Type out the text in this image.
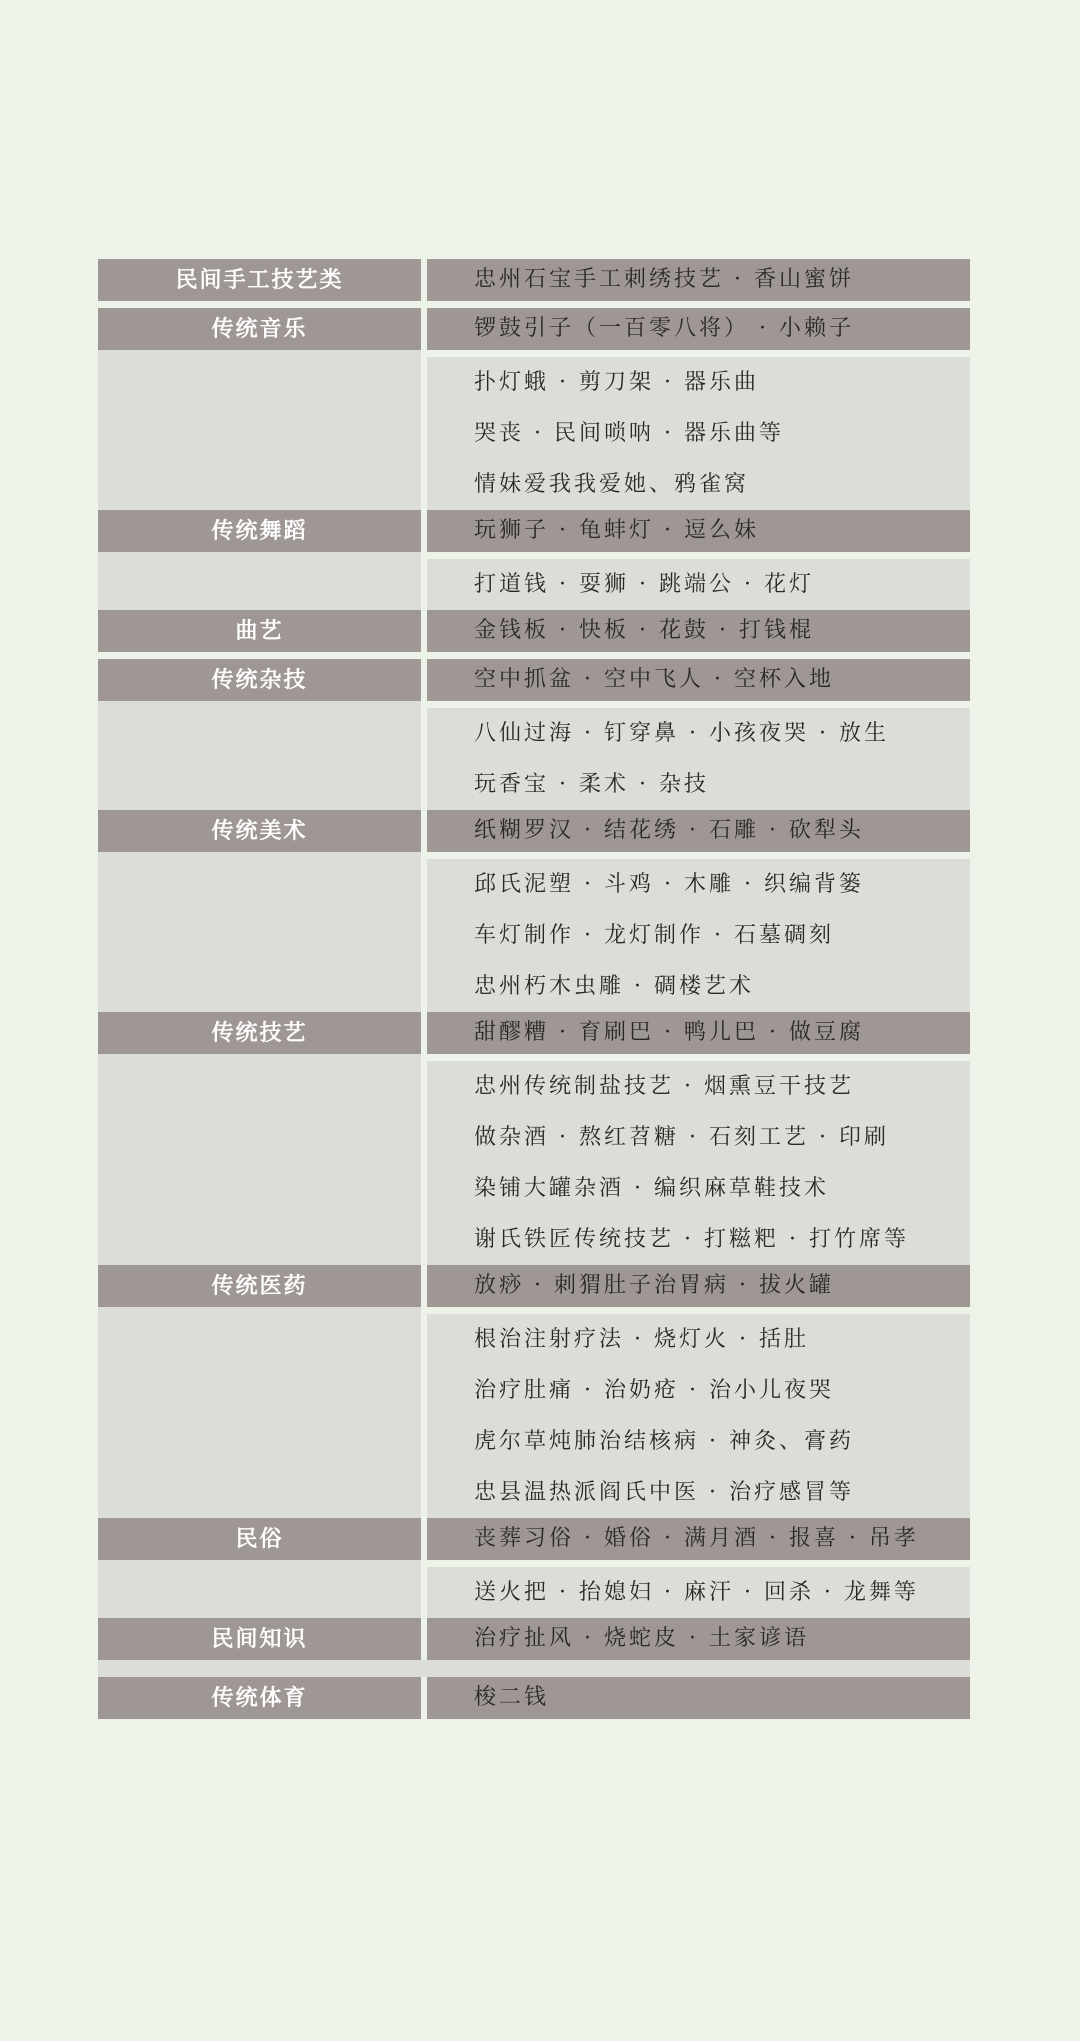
民间手工技艺类	忠州石宝手工刺绣技艺 · 香山蜜饼
传统音乐	锣鼓引子（一百零八将） · 小赖子
扑灯蛾 · 剪刀架 · 器乐曲
哭丧 · 民间唢呐 · 器乐曲等
情妹爱我我爱她、鸦雀窝
传统舞蹈	玩狮子 · 龟蚌灯 · 逗么妹
打道钱 · 耍狮 · 跳端公 · 花灯
曲艺	金钱板 · 快板 · 花鼓 · 打钱棍
传统杂技	空中抓盆 · 空中飞人 · 空杯入地
八仙过海 · 钉穿鼻 · 小孩夜哭 · 放生
玩香宝 · 柔术 · 杂技
传统美术	纸糊罗汉 · 结花绣 · 石雕 · 砍犁头
邱氏泥塑 · 斗鸡 · 木雕 · 织编背篓
车灯制作 · 龙灯制作 · 石墓碉刻
忠州朽木虫雕 · 碉楼艺术
传统技艺	甜醪糟 · 育刷巴 · 鸭儿巴 · 做豆腐
忠州传统制盐技艺 · 烟熏豆干技艺
做杂酒 · 熬红苕糖 · 石刻工艺 · 印刷
染铺大罐杂酒 · 编织麻草鞋技术
谢氏铁匠传统技艺 · 打糍粑 · 打竹席等
传统医药	放痧 · 刺猬肚子治胃病 · 拔火罐
根治注射疗法 · 烧灯火 · 括肚
治疗肚痛 · 治奶疮 · 治小儿夜哭
虎尔草炖肺治结核病 · 神灸、膏药
忠县温热派阎氏中医 · 治疗感冒等
民俗	丧葬习俗 · 婚俗 · 满月酒 · 报喜 · 吊孝
送火把 · 抬媳妇 · 麻汗 · 回杀 · 龙舞等
民间知识	治疗扯风 · 烧蛇皮 · 土家谚语
传统体育	梭二钱
